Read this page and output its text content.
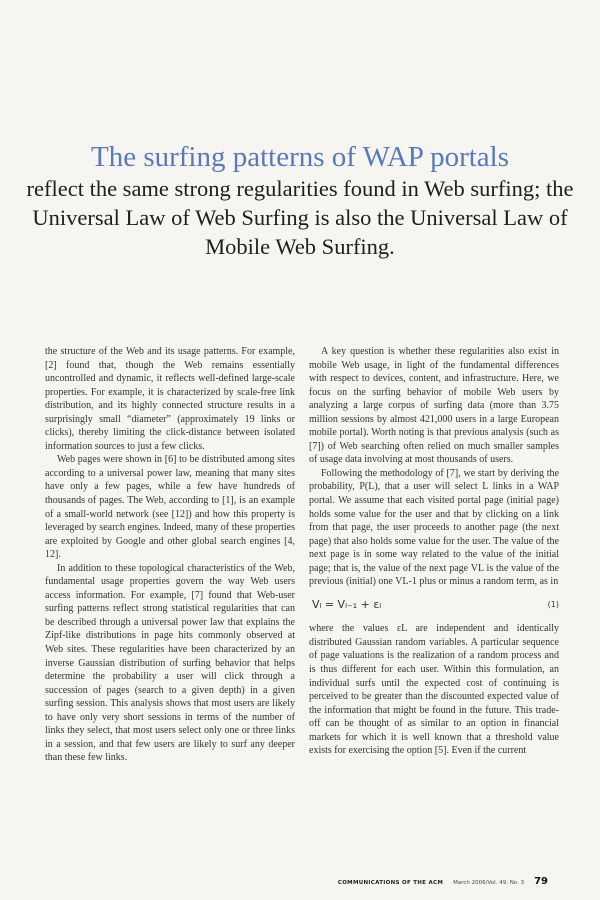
The surfing patterns of WAP portals

reflect the same strong regularities found in Web surfing; the Universal Law of Web Surfing is also the Universal Law of Mobile Web Surfing.

the structure of the Web and its usage patterns. For example, [2] found that, though the Web remains essentially uncontrolled and dynamic, it reflects well-defined large-scale properties. For example, it is characterized by scale-free link distribution, and its highly connected structure results in a surprisingly small “diameter” (approximately 19 links or clicks), thereby limiting the click-distance between isolated information sources to just a few clicks.

Web pages were shown in [6] to be distributed among sites according to a universal power law, meaning that many sites have only a few pages, while a few have hundreds of thousands of pages. The Web, according to [1], is an example of a small-world network (see [12]) and how this property is leveraged by search engines. Indeed, many of these properties are exploited by Google and other global search engines [4, 12].

In addition to these topological characteristics of the Web, fundamental usage properties govern the way Web users access information. For example, [7] found that Web-user surfing patterns reflect strong statistical regularities that can be described through a universal power law that explains the Zipf-like distributions in page hits commonly observed at Web sites. These regularities have been characterized by an inverse Gaussian distribution of surfing behavior that helps determine the probability a user will click through a succession of pages (search to a given depth) in a given surfing session. This analysis shows that most users are likely to have only very short sessions in terms of the number of links they select, that most users select only one or three links in a session, and that few users are likely to surf any deeper than these few links.

A key question is whether these regularities also exist in mobile Web usage, in light of the fundamental differences with respect to devices, content, and infrastructure. Here, we focus on the surfing behavior of mobile Web users by analyzing a large corpus of surfing data (more than 3.75 million sessions by almost 421,000 users in a large European mobile portal). Worth noting is that previous analysis (such as [7]) of Web searching often relied on much smaller samples of usage data involving at most thousands of users.

Following the methodology of [7], we start by deriving the probability, P(L), that a user will select L links in a WAP portal. We assume that each visited portal page (initial page) holds some value for the user and that by clicking on a link from that page, the user proceeds to another page (the next page) that also holds some value for the user. The value of the next page is in some way related to the value of the initial page; that is, the value of the next page VL is the value of the previous (initial) one VL-1 plus or minus a random term, as in

Vₗ = Vₗ₋₁ + εₗ	(1)

where the values εL are independent and identically distributed Gaussian random variables. A particular sequence of page valuations is the realization of a random process and is thus different for each user. Within this formulation, an individual surfs until the expected cost of continuing is perceived to be greater than the discounted expected value of the information that might be found in the future. This trade-off can be thought of as similar to an option in financial markets for which it is well known that a threshold value exists for exercising the option [5]. Even if the current

COMMUNICATIONS OF THE ACM March 2006/Vol. 49, No. 3 79
